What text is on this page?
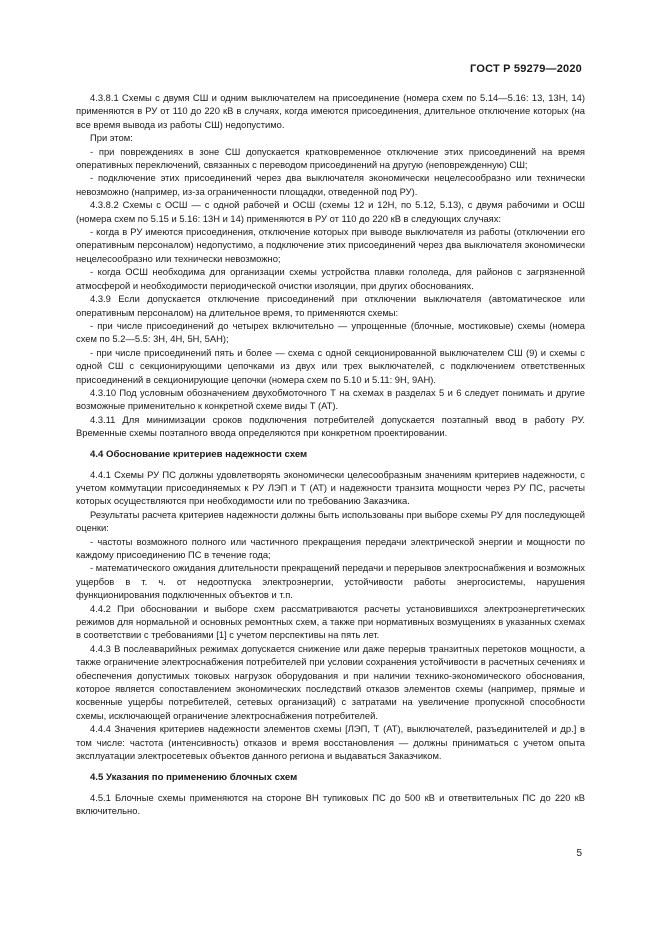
ГОСТ Р 59279—2020

4.3.8.1 Схемы с двумя СШ и одним выключателем на присоединение (номера схем по 5.14—5.16: 13, 13Н, 14) применяются в РУ от 110 до 220 кВ в случаях, когда имеются присоединения, длительное отключение которых (на все время вывода из работы СШ) недопустимо.

При этом:

- при повреждениях в зоне СШ допускается кратковременное отключение этих присоединений на время оперативных переключений, связанных с переводом присоединений на другую (неповрежденную) СШ;

- подключение этих присоединений через два выключателя экономически нецелесообразно или технически невозможно (например, из-за ограниченности площадки, отведенной под РУ).

4.3.8.2 Схемы с ОСШ — с одной рабочей и ОСШ (схемы 12 и 12Н, по 5.12, 5.13), с двумя рабочими и ОСШ (номера схем по 5.15 и 5.16: 13Н и 14) применяются в РУ от 110 до 220 кВ в следующих случаях:

- когда в РУ имеются присоединения, отключение которых при выводе выключателя из работы (отключении его оперативным персоналом) недопустимо, а подключение этих присоединений через два выключателя экономически нецелесообразно или технически невозможно;

- когда ОСШ необходима для организации схемы устройства плавки гололеда, для районов с загрязненной атмосферой и необходимости периодической очистки изоляции, при других обоснованиях.

4.3.9 Если допускается отключение присоединений при отключении выключателя (автоматическое или оперативным персоналом) на длительное время, то применяются схемы:

- при числе присоединений до четырех включительно — упрощенные (блочные, мостиковые) схемы (номера схем по 5.2—5.5: 3Н, 4Н, 5Н, 5АН);

- при числе присоединений пять и более — схема с одной секционированной выключателем СШ (9) и схемы с одной СШ с секционирующими цепочками из двух или трех выключателей, с подключением ответственных присоединений в секционирующие цепочки (номера схем по 5.10 и 5.11: 9Н, 9АН).

4.3.10 Под условным обозначением двухобмоточного Т на схемах в разделах 5 и 6 следует понимать и другие возможные применительно к конкретной схеме виды Т (АТ).

4.3.11 Для минимизации сроков подключения потребителей допускается поэтапный ввод в работу РУ. Временные схемы поэтапного ввода определяются при конкретном проектировании.

4.4 Обоснование критериев надежности схем

4.4.1 Схемы РУ ПС должны удовлетворять экономически целесообразным значениям критериев надежности, с учетом коммутации присоединяемых к РУ ЛЭП и Т (АТ) и надежности транзита мощности через РУ ПС, расчеты которых осуществляются при необходимости или по требованию Заказчика.

Результаты расчета критериев надежности должны быть использованы при выборе схемы РУ для последующей оценки:

- частоты возможного полного или частичного прекращения передачи электрической энергии и мощности по каждому присоединению ПС в течение года;

- математического ожидания длительности прекращений передачи и перерывов электроснабжения и возможных ущербов в т. ч. от недоотпуска электроэнергии, устойчивости работы энергосистемы, нарушения функционирования подключенных объектов и т.п.

4.4.2 При обосновании и выборе схем рассматриваются расчеты установившихся электроэнергетических режимов для нормальной и основных ремонтных схем, а также при нормативных возмущениях в указанных схемах в соответствии с требованиями [1] с учетом перспективы на пять лет.

4.4.3 В послеаварийных режимах допускается снижение или даже перерыв транзитных перетоков мощности, а также ограничение электроснабжения потребителей при условии сохранения устойчивости в расчетных сечениях и обеспечения допустимых токовых нагрузок оборудования и при наличии технико-экономического обоснования, которое является сопоставлением экономических последствий отказов элементов схемы (например, прямые и косвенные ущербы потребителей, сетевых организаций) с затратами на увеличение пропускной способности схемы, исключающей ограничение электроснабжения потребителей.

4.4.4 Значения критериев надежности элементов схемы [ЛЭП, Т (АТ), выключателей, разъединителей и др.] в том числе: частота (интенсивность) отказов и время восстановления — должны приниматься с учетом опыта эксплуатации электросетевых объектов данного региона и выдаваться Заказчиком.

4.5 Указания по применению блочных схем

4.5.1 Блочные схемы применяются на стороне ВН тупиковых ПС до 500 кВ и ответвительных ПС до 220 кВ включительно.

5
